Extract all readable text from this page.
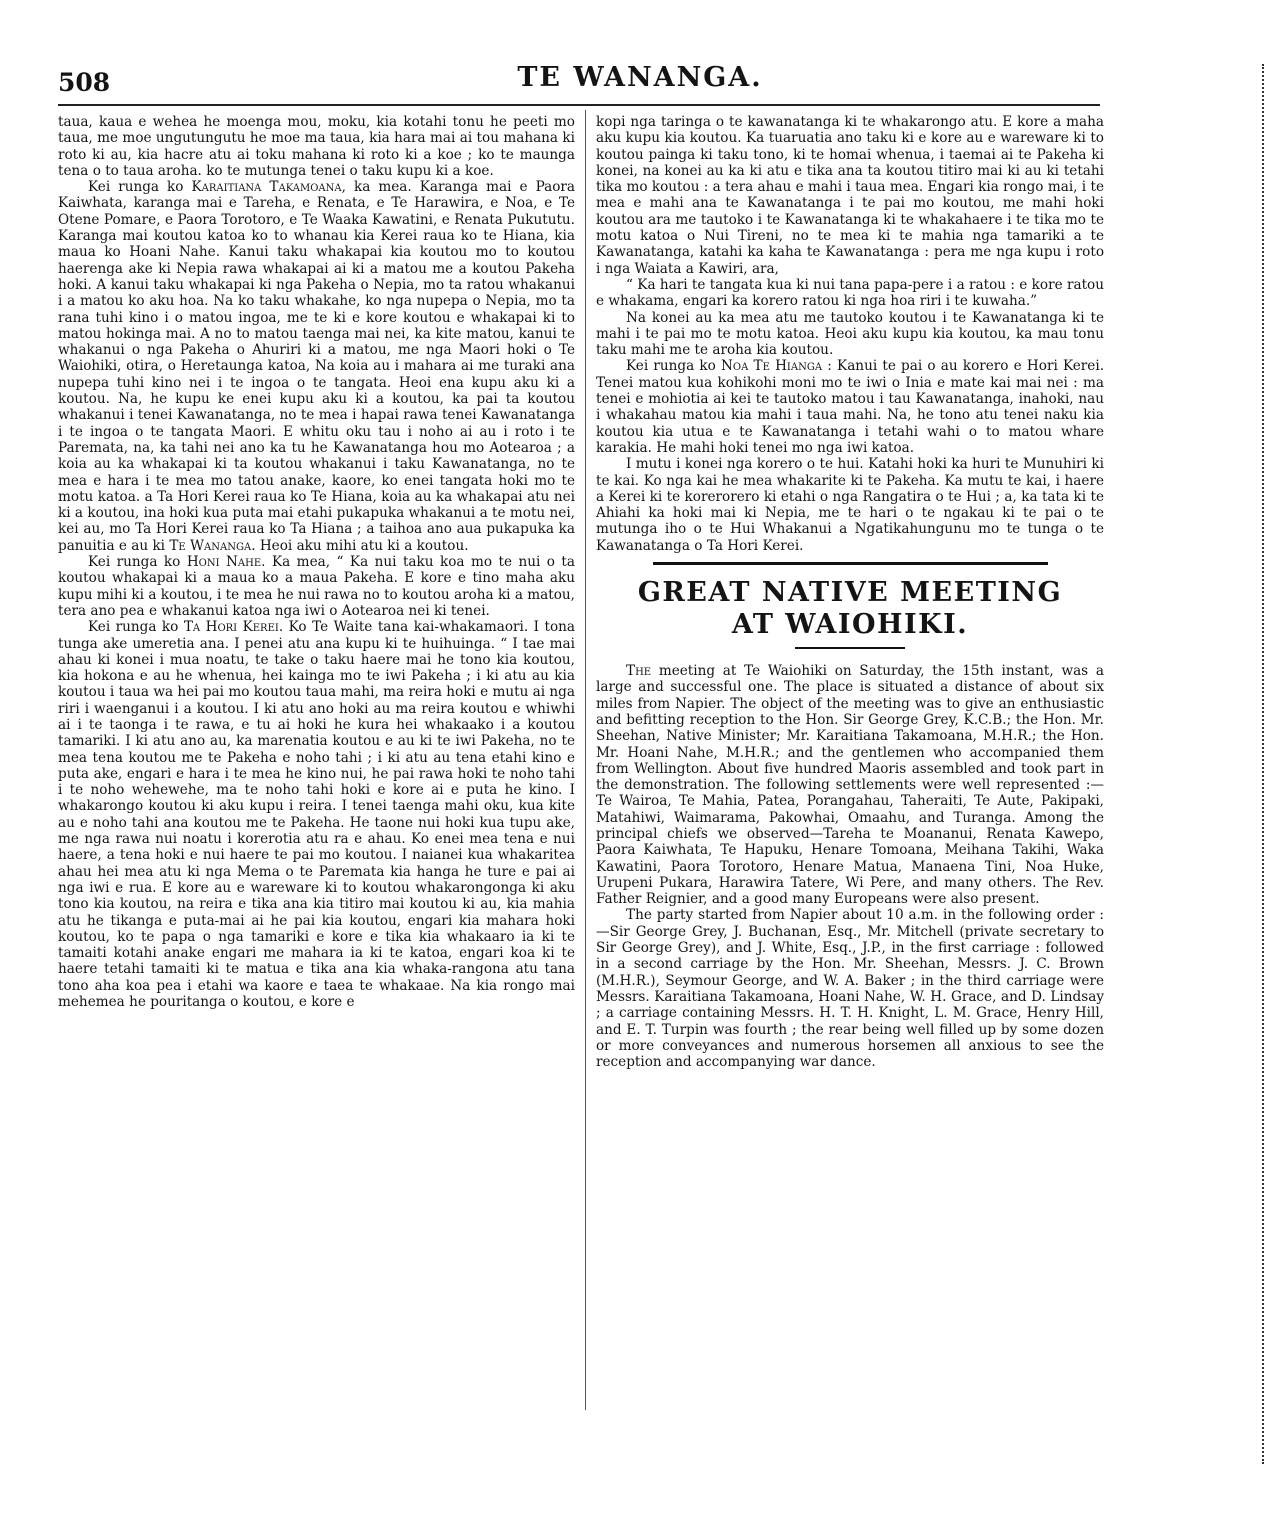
508	TE WANANGA.

taua, kaua e wehea he moenga mou, moku, kia kotahi tonu he peeti mo taua, me moe ungutungutu he moe ma taua, kia hara mai ai tou mahana ki roto ki au, kia hacre atu ai toku mahana ki roto ki a koe ; ko te maunga tena o to taua aroha. ko te mutunga tenei o taku kupu ki a koe.

Kei runga ko Karaitiana Takamoana, ka mea. Karanga mai e Paora Kaiwhata, karanga mai e Tareha, e Renata, e Te Harawira, e Noa, e Te Otene Pomare, e Paora Torotoro, e Te Waaka Kawatini, e Renata Pukututu. Karanga mai koutou katoa ko to whanau kia Kerei raua ko te Hiana, kia maua ko Hoani Nahe. Kanui taku whakapai kia koutou mo to koutou haerenga ake ki Nepia rawa whakapai ai ki a matou me a koutou Pakeha hoki. A kanui taku whakapai ki nga Pakeha o Nepia, mo ta ratou whakanui i a matou ko aku hoa. Na ko taku whakahe, ko nga nupepa o Nepia, mo ta rana tuhi kino i o matou ingoa, me te ki e kore koutou e whakapai ki to matou hokinga mai. A no to matou taenga mai nei, ka kite matou, kanui te whakanui o nga Pakeha o Ahuriri ki a matou, me nga Maori hoki o Te Waiohiki, otira, o Heretaunga katoa, Na koia au i mahara ai me turaki ana nupepa tuhi kino nei i te ingoa o te tangata. Heoi ena kupu aku ki a koutou. Na, he kupu ke enei kupu aku ki a koutou, ka pai ta koutou whakanui i tenei Kawanatanga, no te mea i hapai rawa tenei Kawanatanga i te ingoa o te tangata Maori. E whitu oku tau i noho ai au i roto i te Paremata, na, ka tahi nei ano ka tu he Kawanatanga hou mo Aotearoa ; a koia au ka whakapai ki ta koutou whakanui i taku Kawanatanga, no te mea e hara i te mea mo tatou anake, kaore, ko enei tangata hoki mo te motu katoa. a Ta Hori Kerei raua ko Te Hiana, koia au ka whakapai atu nei ki a koutou, ina hoki kua puta mai etahi pukapuka whakanui a te motu nei, kei au, mo Ta Hori Kerei raua ko Ta Hiana ; a taihoa ano aua pukapuka ka panuitia e au ki Te Wananga. Heoi aku mihi atu ki a koutou.

Kei runga ko Honi Nahe. Ka mea, “ Ka nui taku koa mo te nui o ta koutou whakapai ki a maua ko a maua Pakeha. E kore e tino maha aku kupu mihi ki a koutou, i te mea he nui rawa no to koutou aroha ki a matou, tera ano pea e whakanui katoa nga iwi o Aotearoa nei ki tenei.

Kei runga ko Ta Hori Kerei. Ko Te Waite tana kai-whakamaori. I tona tunga ake umeretia ana. I penei atu ana kupu ki te huihuinga. “ I tae mai ahau ki konei i mua noatu, te take o taku haere mai he tono kia koutou, kia hokona e au he whenua, hei kainga mo te iwi Pakeha ; i ki atu au kia koutou i taua wa hei pai mo koutou taua mahi, ma reira hoki e mutu ai nga riri i waenganui i a koutou. I ki atu ano hoki au ma reira koutou e whiwhi ai i te taonga i te rawa, e tu ai hoki he kura hei whakaako i a koutou tamariki. I ki atu ano au, ka marenatia koutou e au ki te iwi Pakeha, no te mea tena koutou me te Pakeha e noho tahi ; i ki atu au tena etahi kino e puta ake, engari e hara i te mea he kino nui, he pai rawa hoki te noho tahi i te noho wehewehe, ma te noho tahi hoki e kore ai e puta he kino. I whakarongo koutou ki aku kupu i reira. I tenei taenga mahi oku, kua kite au e noho tahi ana koutou me te Pakeha. He taone nui hoki kua tupu ake, me nga rawa nui noatu i korerotia atu ra e ahau. Ko enei mea tena e nui haere, a tena hoki e nui haere te pai mo koutou. I naianei kua whakaritea ahau hei mea atu ki nga Mema o te Paremata kia hanga he ture e pai ai nga iwi e rua. E kore au e wareware ki to koutou whakarongonga ki aku tono kia koutou, na reira e tika ana kia titiro mai koutou ki au, kia mahia atu he tikanga e puta-mai ai he pai kia koutou, engari kia mahara hoki koutou, ko te papa o nga tamariki e kore e tika kia whakaaro ia ki te tamaiti kotahi anake engari me mahara ia ki te katoa, engari koa ki te haere tetahi tamaiti ki te matua e tika ana kia whaka-rangona atu tana tono aha koa pea i etahi wa kaore e taea te whakaae. Na kia rongo mai mehemea he pouritanga o koutou, e kore e

kopi nga taringa o te kawanatanga ki te whakarongo atu. E kore a maha aku kupu kia koutou. Ka tuaruatia ano taku ki e kore au e wareware ki to koutou painga ki taku tono, ki te homai whenua, i taemai ai te Pakeha ki konei, na konei au ka ki atu e tika ana ta koutou titiro mai ki au ki tetahi tika mo koutou : a tera ahau e mahi i taua mea. Engari kia rongo mai, i te mea e mahi ana te Kawanatanga i te pai mo koutou, me mahi hoki koutou ara me tautoko i te Kawanatanga ki te whakahaere i te tika mo te motu katoa o Nui Tireni, no te mea ki te mahia nga tamariki a te Kawanatanga, katahi ka kaha te Kawanatanga : pera me nga kupu i roto i nga Waiata a Kawiri, ara,

“ Ka hari te tangata kua ki nui tana papa-pere i a ratou : e kore ratou e whakama, engari ka korero ratou ki nga hoa riri i te kuwaha.”

Na konei au ka mea atu me tautoko koutou i te Kawanatanga ki te mahi i te pai mo te motu katoa. Heoi aku kupu kia koutou, ka mau tonu taku mahi me te aroha kia koutou.

Kei runga ko Noa Te Hianga : Kanui te pai o au korero e Hori Kerei. Tenei matou kua kohikohi moni mo te iwi o Inia e mate kai mai nei : ma tenei e mohiotia ai kei te tautoko matou i tau Kawanatanga, inahoki, nau i whakahau matou kia mahi i taua mahi. Na, he tono atu tenei naku kia koutou kia utua e te Kawanatanga i tetahi wahi o to matou whare karakia. He mahi hoki tenei mo nga iwi katoa.

I mutu i konei nga korero o te hui. Katahi hoki ka huri te Munuhiri ki te kai. Ko nga kai he mea whakarite ki te Pakeha. Ka mutu te kai, i haere a Kerei ki te korerorero ki etahi o nga Rangatira o te Hui ; a, ka tata ki te Ahiahi ka hoki mai ki Nepia, me te hari o te ngakau ki te pai o te mutunga iho o te Hui Whakanui a Ngatikahungunu mo te tunga o te Kawanatanga o Ta Hori Kerei.

GREAT NATIVE MEETING
AT WAIOHIKI.

The meeting at Te Waiohiki on Saturday, the 15th instant, was a large and successful one. The place is situated a distance of about six miles from Napier. The object of the meeting was to give an enthusiastic and befitting reception to the Hon. Sir George Grey, K.C.B.; the Hon. Mr. Sheehan, Native Minister; Mr. Karaitiana Takamoana, M.H.R.; the Hon. Mr. Hoani Nahe, M.H.R.; and the gentlemen who accompanied them from Wellington. About five hundred Maoris assembled and took part in the demonstration. The following settlements were well represented :—Te Wairoa, Te Mahia, Patea, Porangahau, Taheraiti, Te Aute, Pakipaki, Matahiwi, Waimarama, Pakowhai, Omaahu, and Turanga. Among the principal chiefs we observed—Tareha te Moananui, Renata Kawepo, Paora Kaiwhata, Te Hapuku, Henare Tomoana, Meihana Takihi, Waka Kawatini, Paora Torotoro, Henare Matua, Manaena Tini, Noa Huke, Urupeni Pukara, Harawira Tatere, Wi Pere, and many others. The Rev. Father Reignier, and a good many Europeans were also present.

The party started from Napier about 10 a.m. in the following order :—Sir George Grey, J. Buchanan, Esq., Mr. Mitchell (private secretary to Sir George Grey), and J. White, Esq., J.P., in the first carriage : followed in a second carriage by the Hon. Mr. Sheehan, Messrs. J. C. Brown (M.H.R.), Seymour George, and W. A. Baker ; in the third carriage were Messrs. Karaitiana Takamoana, Hoani Nahe, W. H. Grace, and D. Lindsay ; a carriage containing Messrs. H. T. H. Knight, L. M. Grace, Henry Hill, and E. T. Turpin was fourth ; the rear being well filled up by some dozen or more conveyances and numerous horsemen all anxious to see the reception and accompanying war dance.
